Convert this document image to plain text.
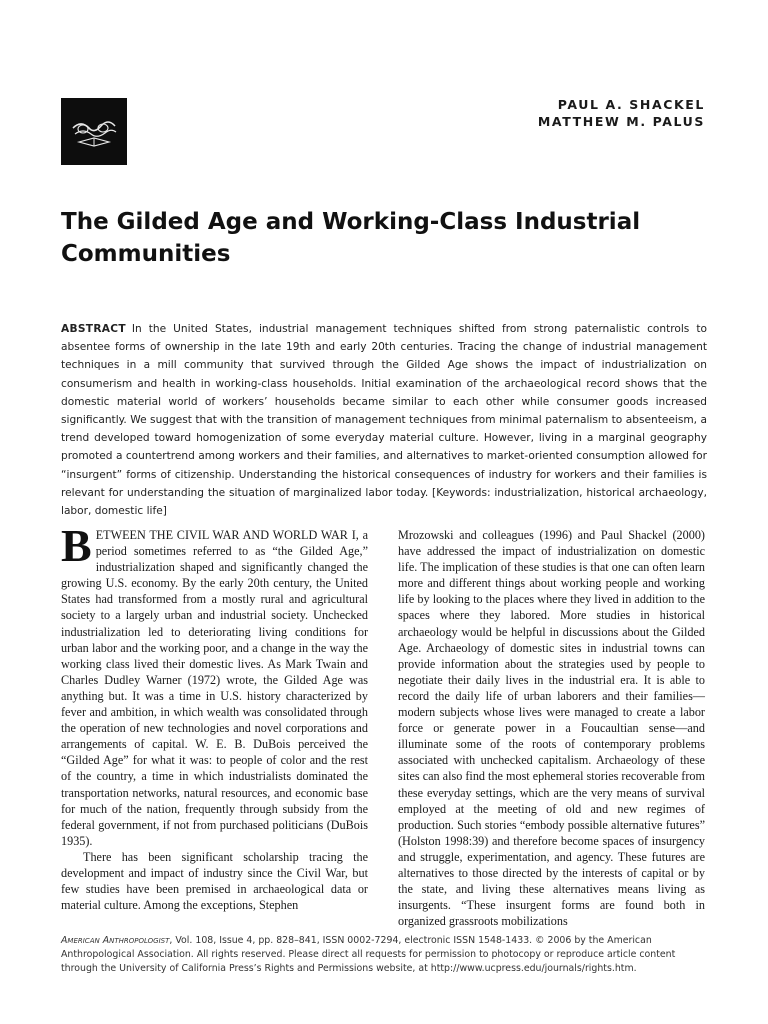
PAUL A. SHACKEL
MATTHEW M. PALUS
The Gilded Age and Working-Class Industrial Communities

ABSTRACT In the United States, industrial management techniques shifted from strong paternalistic controls to absentee forms of ownership in the late 19th and early 20th centuries. Tracing the change of industrial management techniques in a mill community that survived through the Gilded Age shows the impact of industrialization on consumerism and health in working-class households. Initial examination of the archaeological record shows that the domestic material world of workers’ households became similar to each other while consumer goods increased significantly. We suggest that with the transition of management techniques from minimal paternalism to absenteeism, a trend developed toward homogenization of some everyday material culture. However, living in a marginal geography promoted a countertrend among workers and their families, and alternatives to market-oriented consumption allowed for “insurgent” forms of citizenship. Understanding the historical consequences of industry for workers and their families is relevant for understanding the situation of marginalized labor today. [Keywords: industrialization, historical archaeology, labor, domestic life]

BETWEEN THE CIVIL WAR AND WORLD WAR I, a period sometimes referred to as “the Gilded Age,” industrialization shaped and significantly changed the growing U.S. economy. By the early 20th century, the United States had transformed from a mostly rural and agricultural society to a largely urban and industrial society. Unchecked industrialization led to deteriorating living conditions for urban labor and the working poor, and a change in the way the working class lived their domestic lives. As Mark Twain and Charles Dudley Warner (1972) wrote, the Gilded Age was anything but. It was a time in U.S. history characterized by fever and ambition, in which wealth was consolidated through the operation of new technologies and novel corporations and arrangements of capital. W. E. B. DuBois perceived the “Gilded Age” for what it was: to people of color and the rest of the country, a time in which industrialists dominated the transportation networks, natural resources, and economic base for much of the nation, frequently through subsidy from the federal government, if not from purchased politicians (DuBois 1935).

There has been significant scholarship tracing the development and impact of industry since the Civil War, but few studies have been premised in archaeological data or material culture. Among the exceptions, Stephen

Mrozowski and colleagues (1996) and Paul Shackel (2000) have addressed the impact of industrialization on domestic life. The implication of these studies is that one can often learn more and different things about working people and working life by looking to the places where they lived in addition to the spaces where they labored. More studies in historical archaeology would be helpful in discussions about the Gilded Age. Archaeology of domestic sites in industrial towns can provide information about the strategies used by people to negotiate their daily lives in the industrial era. It is able to record the daily life of urban laborers and their families—modern subjects whose lives were managed to create a labor force or generate power in a Foucaultian sense—and illuminate some of the roots of contemporary problems associated with unchecked capitalism. Archaeology of these sites can also find the most ephemeral stories recoverable from these everyday settings, which are the very means of survival employed at the meeting of old and new regimes of production. Such stories “embody possible alternative futures” (Holston 1998:39) and therefore become spaces of insurgency and struggle, experimentation, and agency. These futures are alternatives to those directed by the interests of capital or by the state, and living these alternatives means living as insurgents. “These insurgent forms are found both in organized grassroots mobilizations

American Anthropologist, Vol. 108, Issue 4, pp. 828–841, ISSN 0002-7294, electronic ISSN 1548-1433. © 2006 by the American Anthropological Association. All rights reserved. Please direct all requests for permission to photocopy or reproduce article content through the University of California Press’s Rights and Permissions website, at http://www.ucpress.edu/journals/rights.htm.
